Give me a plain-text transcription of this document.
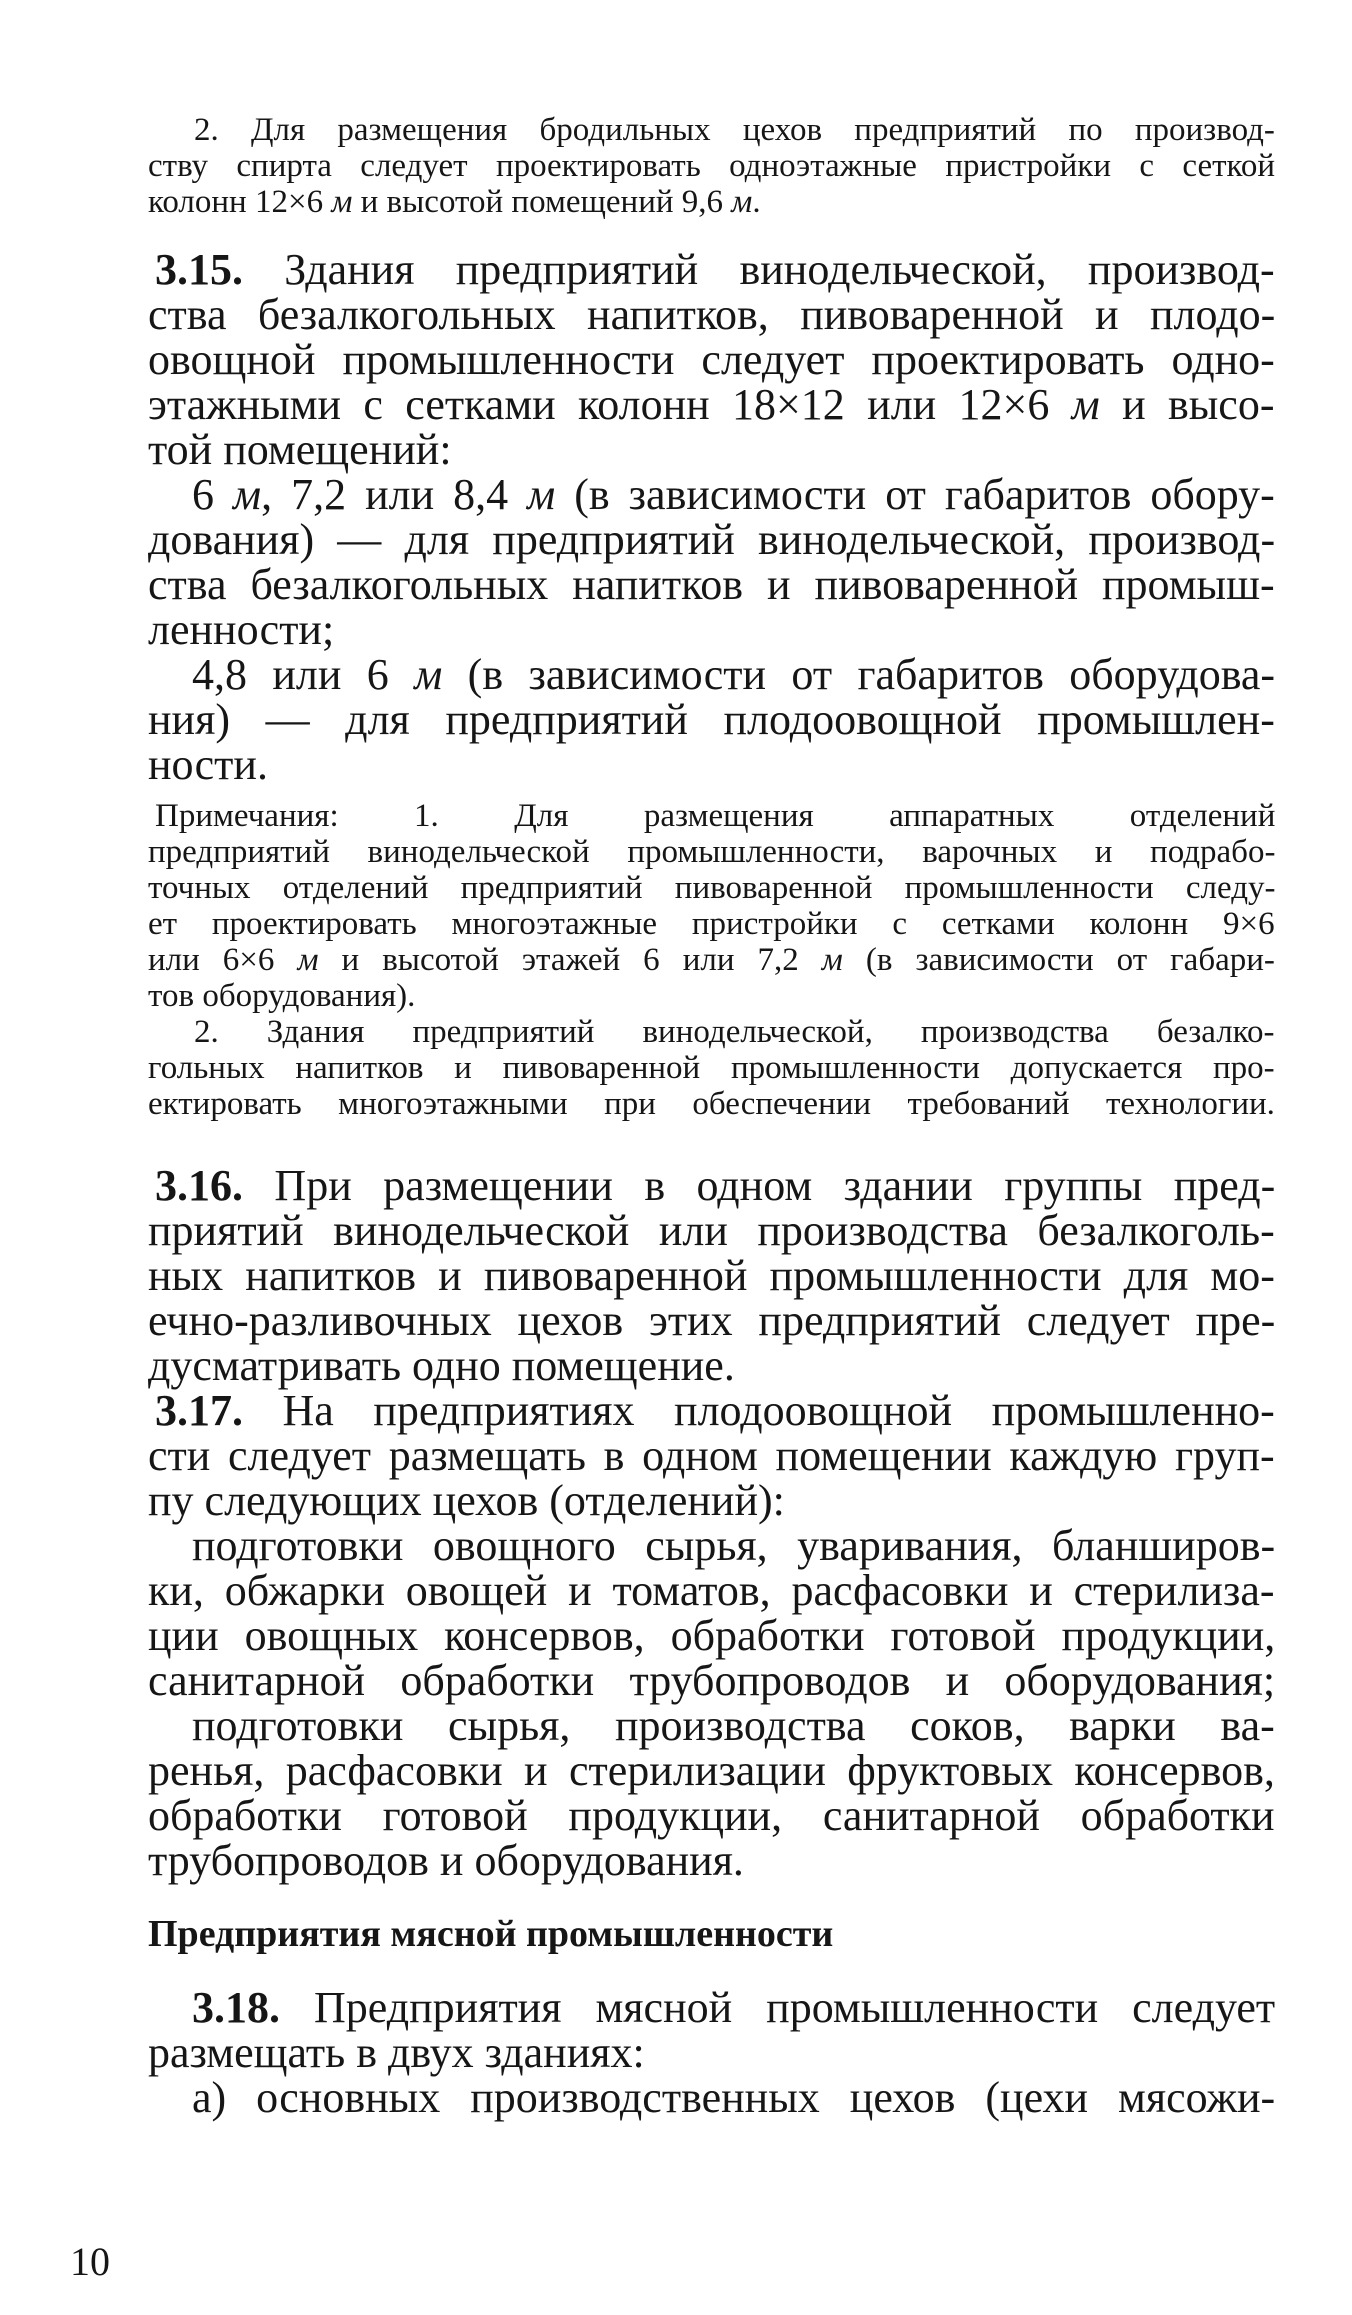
2. Для размещения бродильных цехов предприятий по производ-
ству спирта следует проектировать одноэтажные пристройки с сеткой
колонн 12×6 м и высотой помещений 9,6 м.
3.15. Здания предприятий винодельческой, производ-
ства безалкогольных напитков, пивоваренной и плодо-
овощной промышленности следует проектировать одно-
этажными с сетками колонн 18×12 или 12×6 м и высо-
той помещений:
6 м, 7,2 или 8,4 м (в зависимости от габаритов обору-
дования) — для предприятий винодельческой, производ-
ства безалкогольных напитков и пивоваренной промыш-
ленности;
4,8 или 6 м (в зависимости от габаритов оборудова-
ния) — для предприятий плодоовощной промышлен-
ности.
Примечания: 1. Для размещения аппаратных отделений
предприятий винодельческой промышленности, варочных и подрабо-
точных отделений предприятий пивоваренной промышленности следу-
ет проектировать многоэтажные пристройки с сетками колонн 9×6
или 6×6 м и высотой этажей 6 или 7,2 м (в зависимости от габари-
тов оборудования).
2. Здания предприятий винодельческой, производства безалко-
гольных напитков и пивоваренной промышленности допускается про-
ектировать многоэтажными при обеспечении требований технологии.
3.16. При размещении в одном здании группы пред-
приятий винодельческой или производства безалкоголь-
ных напитков и пивоваренной промышленности для мо-
ечно-разливочных цехов этих предприятий следует пре-
дусматривать одно помещение.
3.17. На предприятиях плодоовощной промышленно-
сти следует размещать в одном помещении каждую груп-
пу следующих цехов (отделений):
подготовки овощного сырья, уваривания, бланширов-
ки, обжарки овощей и томатов, расфасовки и стерилиза-
ции овощных консервов, обработки готовой продукции,
санитарной обработки трубопроводов и оборудования;
подготовки сырья, производства соков, варки ва-
ренья, расфасовки и стерилизации фруктовых консервов,
обработки готовой продукции, санитарной обработки
трубопроводов и оборудования.
Предприятия мясной промышленности
3.18. Предприятия мясной промышленности следует
размещать в двух зданиях:
а) основных производственных цехов (цехи мясожи-
10
